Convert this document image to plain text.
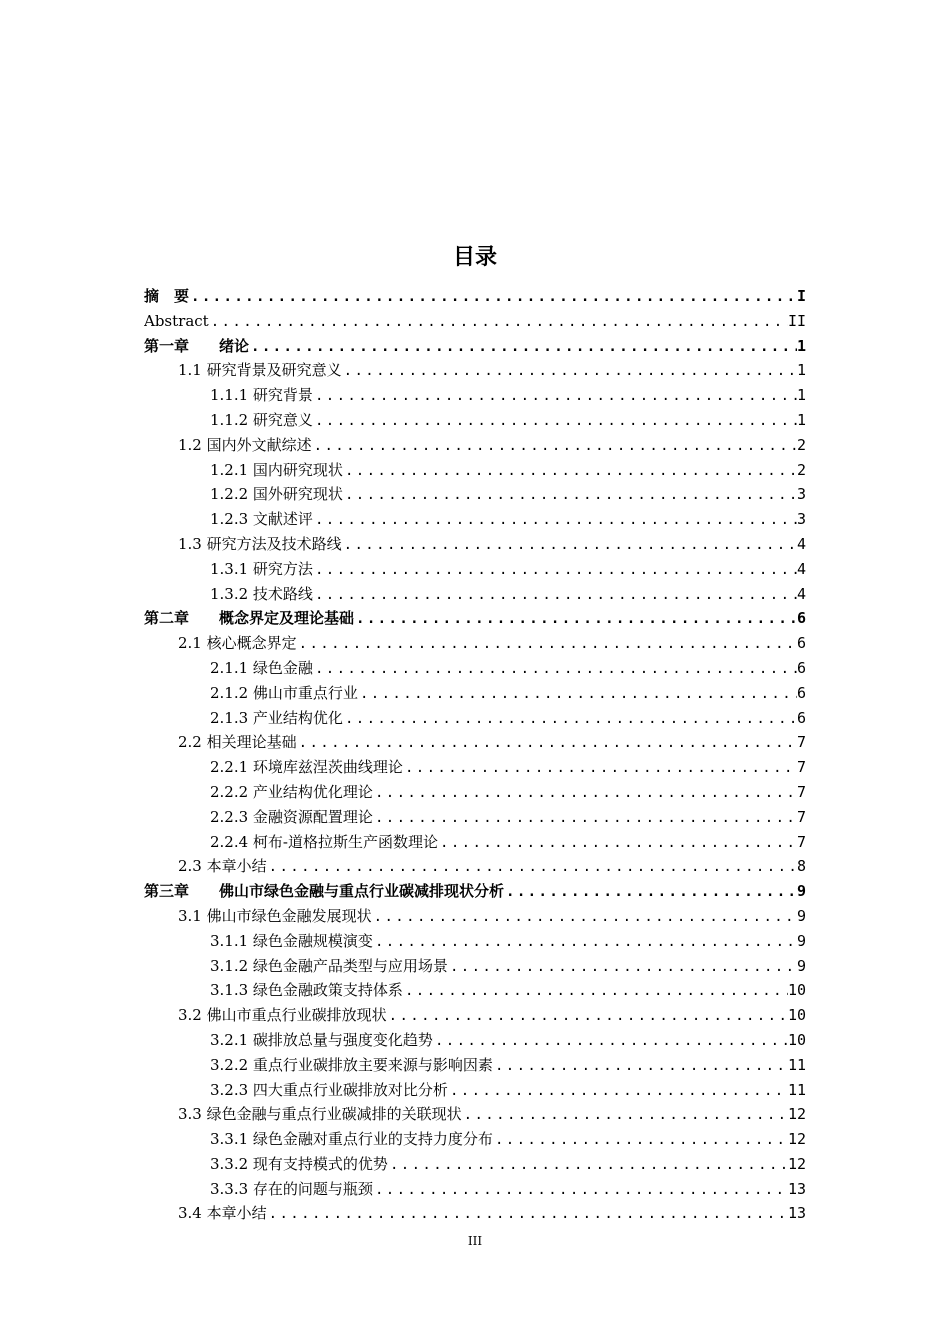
目录
摘　要 .....	I
Abstract .....	II
第一章　　绪论 .....	1
1.1 研究背景及研究意义 .....	1
1.1.1 研究背景 .....	1
1.1.2 研究意义 .....	1
1.2 国内外文献综述 .....	2
1.2.1 国内研究现状 .....	2
1.2.2 国外研究现状 .....	3
1.2.3 文献述评 .....	3
1.3 研究方法及技术路线 .....	4
1.3.1 研究方法 .....	4
1.3.2 技术路线 .....	4
第二章　　概念界定及理论基础 .....	6
2.1 核心概念界定 .....	6
2.1.1 绿色金融 .....	6
2.1.2 佛山市重点行业 .....	6
2.1.3 产业结构优化 .....	6
2.2 相关理论基础 .....	7
2.2.1 环境库兹涅茨曲线理论 .....	7
2.2.2 产业结构优化理论 .....	7
2.2.3 金融资源配置理论 .....	7
2.2.4 柯布-道格拉斯生产函数理论 .....	7
2.3 本章小结 .....	8
第三章　　佛山市绿色金融与重点行业碳减排现状分析 .....	9
3.1 佛山市绿色金融发展现状 .....	9
3.1.1 绿色金融规模演变 .....	9
3.1.2 绿色金融产品类型与应用场景 .....	9
3.1.3 绿色金融政策支持体系 .....	10
3.2 佛山市重点行业碳排放现状 .....	10
3.2.1 碳排放总量与强度变化趋势 .....	10
3.2.2 重点行业碳排放主要来源与影响因素 .....	11
3.2.3 四大重点行业碳排放对比分析 .....	11
3.3 绿色金融与重点行业碳减排的关联现状 .....	12
3.3.1 绿色金融对重点行业的支持力度分布 .....	12
3.3.2 现有支持模式的优势 .....	12
3.3.3 存在的问题与瓶颈 .....	13
3.4 本章小结 .....	13
III
